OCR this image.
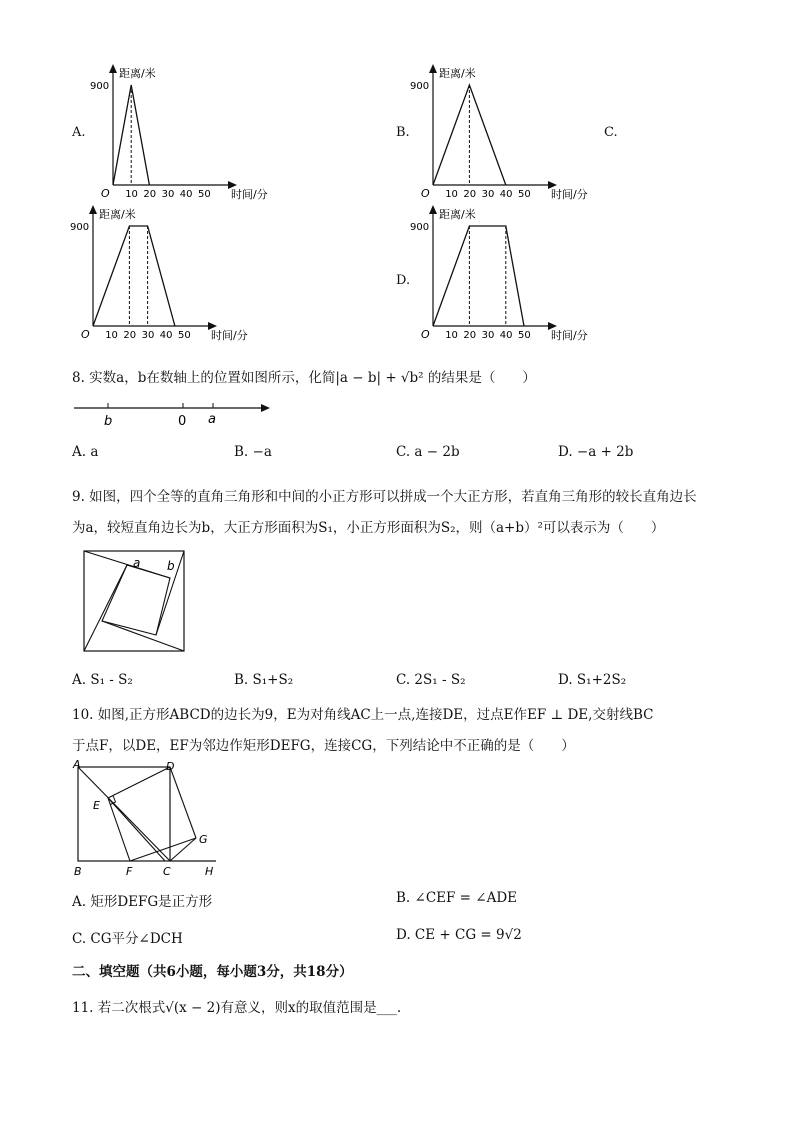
A.	B.	C.
D.
距离/米
时间/分
O
900
10 20 30 40 50
距离/米
时间/分
O
900
10 20 30 40 50
距离/米
时间/分
O
900
10 20 30 40 50
距离/米
时间/分
O
900
10 20 30 40 50
8. 实数a，b在数轴上的位置如图所示，化简|a − b| + √b² 的结果是（　　）
b	0 a
A. a	B. −a	C. a − 2b	D. −a + 2b
9. 如图，四个全等的直角三角形和中间的小正方形可以拼成一个大正方形，若直角三角形的较长直角边长
为a，较短直角边长为b，大正方形面积为S₁，小正方形面积为S₂，则（a+b）²可以表示为（　　）
a b
A. S₁ - S₂	B. S₁+S₂	C. 2S₁ - S₂	D. S₁+2S₂
10. 如图,正方形ABCD的边长为9，E为对角线AC上一点,连接DE，过点E作EF ⊥ DE,交射线BC
于点F，以DE，EF为邻边作矩形DEFG，连接CG，下列结论中不正确的是（　　）
A	D
E
G
B	F	C	H
A. 矩形DEFG是正方形	B. ∠CEF = ∠ADE
C. CG平分∠DCH	D. CE + CG = 9√2
二、填空题（共6小题，每小题3分，共18分）
11. 若二次根式√(x − 2)有意义，则x的取值范围是___.
